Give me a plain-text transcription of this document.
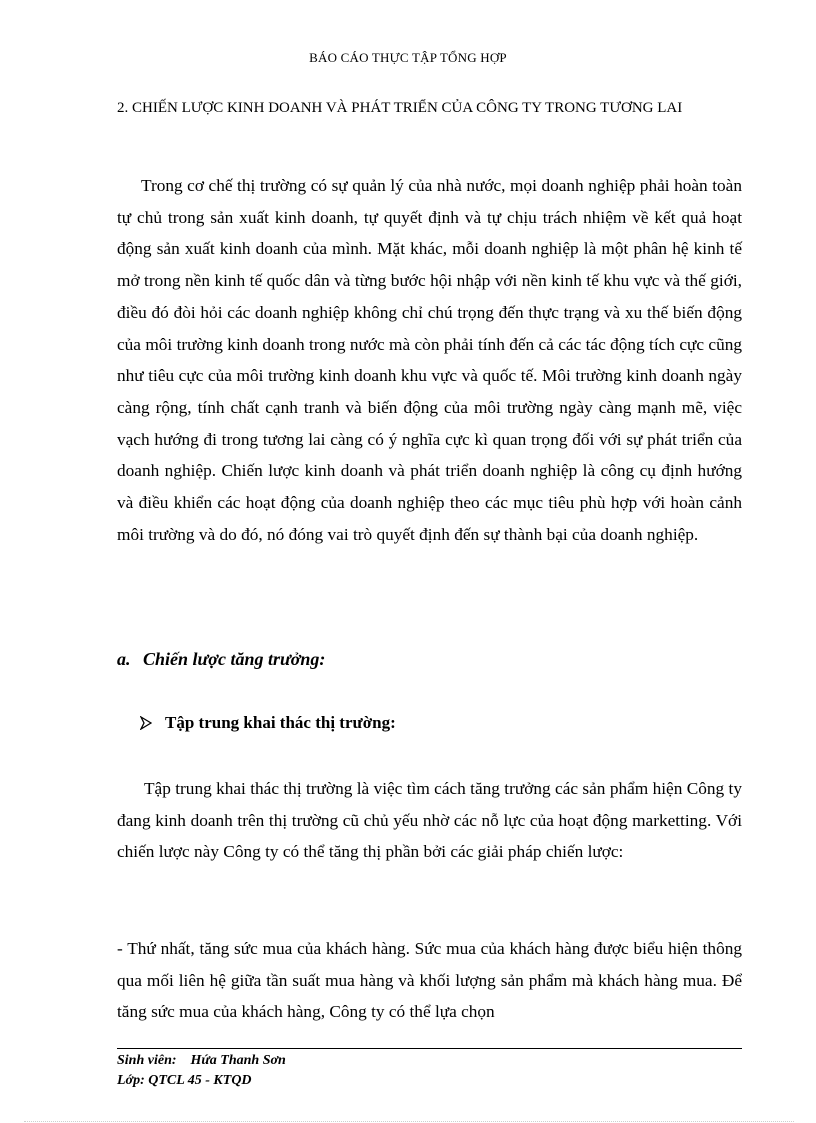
BÁO CÁO THỰC TẬP TỔNG HỢP
2. CHIẾN LƯỢC KINH DOANH VÀ PHÁT TRIỂN CỦA CÔNG TY TRONG TƯƠNG LAI

Trong cơ chế thị trường có sự quản lý của nhà nước, mọi doanh nghiệp phải hoàn toàn tự chủ trong sản xuất kinh doanh, tự quyết định và tự chịu trách nhiệm về kết quả hoạt động sản xuất kinh doanh của mình. Mặt khác, mỗi doanh nghiệp là một phân hệ kinh tế mở trong nền kinh tế quốc dân và từng bước hội nhập với nền kinh tế khu vực và thế giới, điều đó đòi hỏi các doanh nghiệp không chỉ chú trọng đến thực trạng và xu thế biến động của môi trường kinh doanh trong nước mà còn phải tính đến cả các tác động tích cực cũng như tiêu cực của môi trường kinh doanh khu vực và quốc tế. Môi trường kinh doanh ngày càng rộng, tính chất cạnh tranh và biến động của môi trường ngày càng mạnh mẽ, việc vạch hướng đi trong tương lai càng có ý nghĩa cực kì quan trọng đối với sự phát triển của doanh nghiệp. Chiến lược kinh doanh và phát triển doanh nghiệp là công cụ định hướng và điều khiển các hoạt động của doanh nghiệp theo các mục tiêu phù hợp với hoàn cảnh môi trường và do đó, nó đóng vai trò quyết định đến sự thành bại của doanh nghiệp.

a. Chiến lược tăng trưởng:
Tập trung khai thác thị trường:

Tập trung khai thác thị trường là việc tìm cách tăng trưởng các sản phẩm hiện Công ty đang kinh doanh trên thị trường cũ chủ yếu nhờ các nỗ lực của hoạt động marketting. Với chiến lược này Công ty có thể tăng thị phần bởi các giải pháp chiến lược:

- Thứ nhất, tăng sức mua của khách hàng. Sức mua của khách hàng được biểu hiện thông qua mối liên hệ giữa tần suất mua hàng và khối lượng sản phẩm mà khách hàng mua. Để tăng sức mua của khách hàng, Công ty có thể lựa chọn

Sinh viên: Hứa Thanh Sơn
Lớp: QTCL 45 - KTQD
